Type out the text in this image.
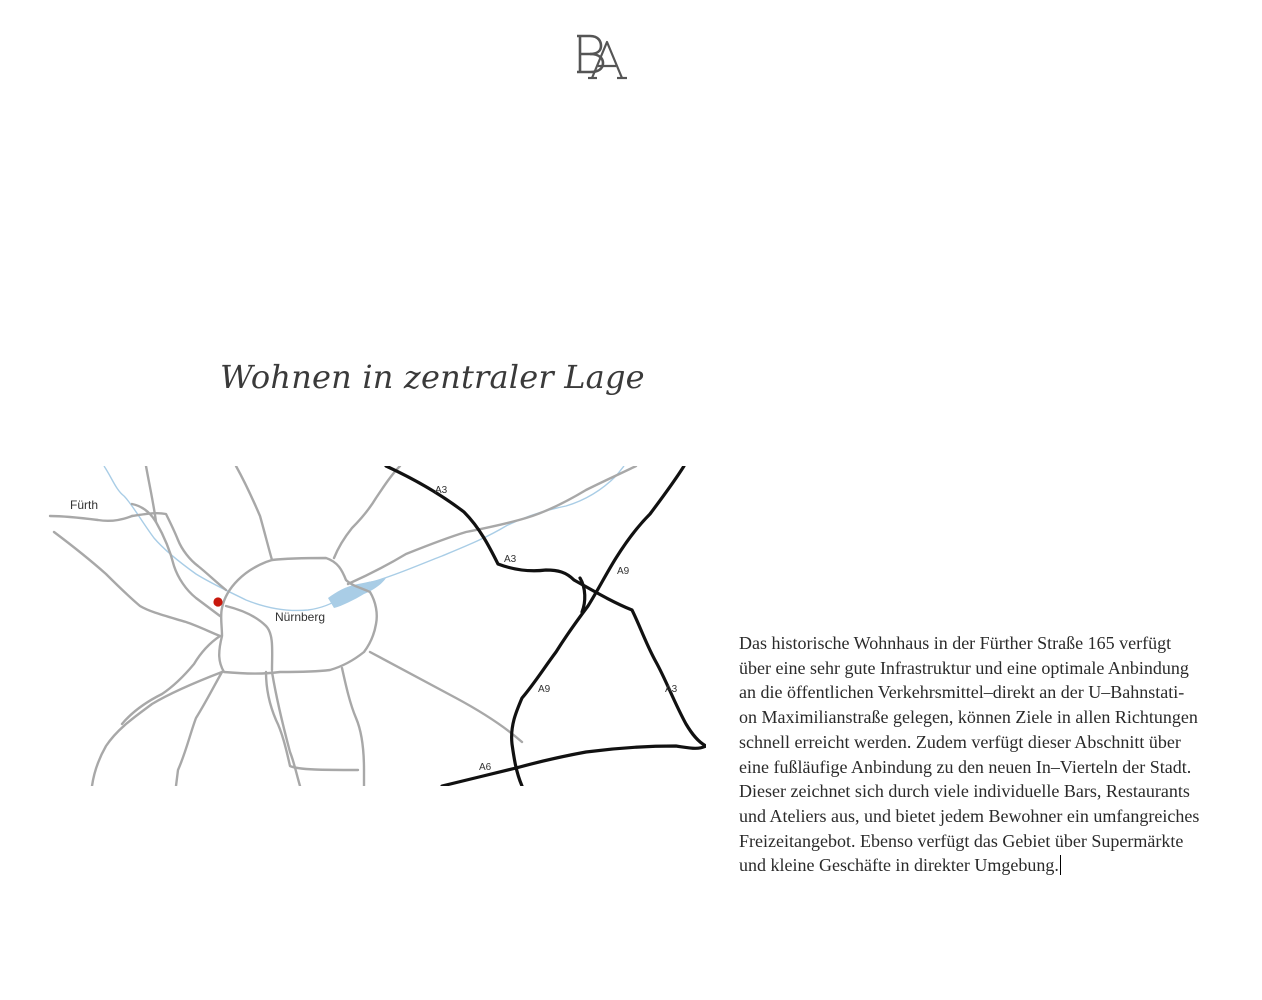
Wohnen in zentraler Lage
Fürth
Nürnberg
A3
A3
A9
A9	A3
A6

Das historische Wohnhaus in der Fürther Straße 165 verfügt
über eine sehr gute Infrastruktur und eine optimale Anbindung
an die öffentlichen Verkehrsmittel–direkt an der U–Bahnstati-
on Maximilianstraße gelegen, können Ziele in allen Richtungen
schnell erreicht werden. Zudem verfügt dieser Abschnitt über
eine fußläufige Anbindung zu den neuen In–Vierteln der Stadt.
Dieser zeichnet sich durch viele individuelle Bars, Restaurants
und Ateliers aus, und bietet jedem Bewohner ein umfangreiches
Freizeitangebot. Ebenso verfügt das Gebiet über Supermärkte
und kleine Geschäfte in direkter Umgebung.
